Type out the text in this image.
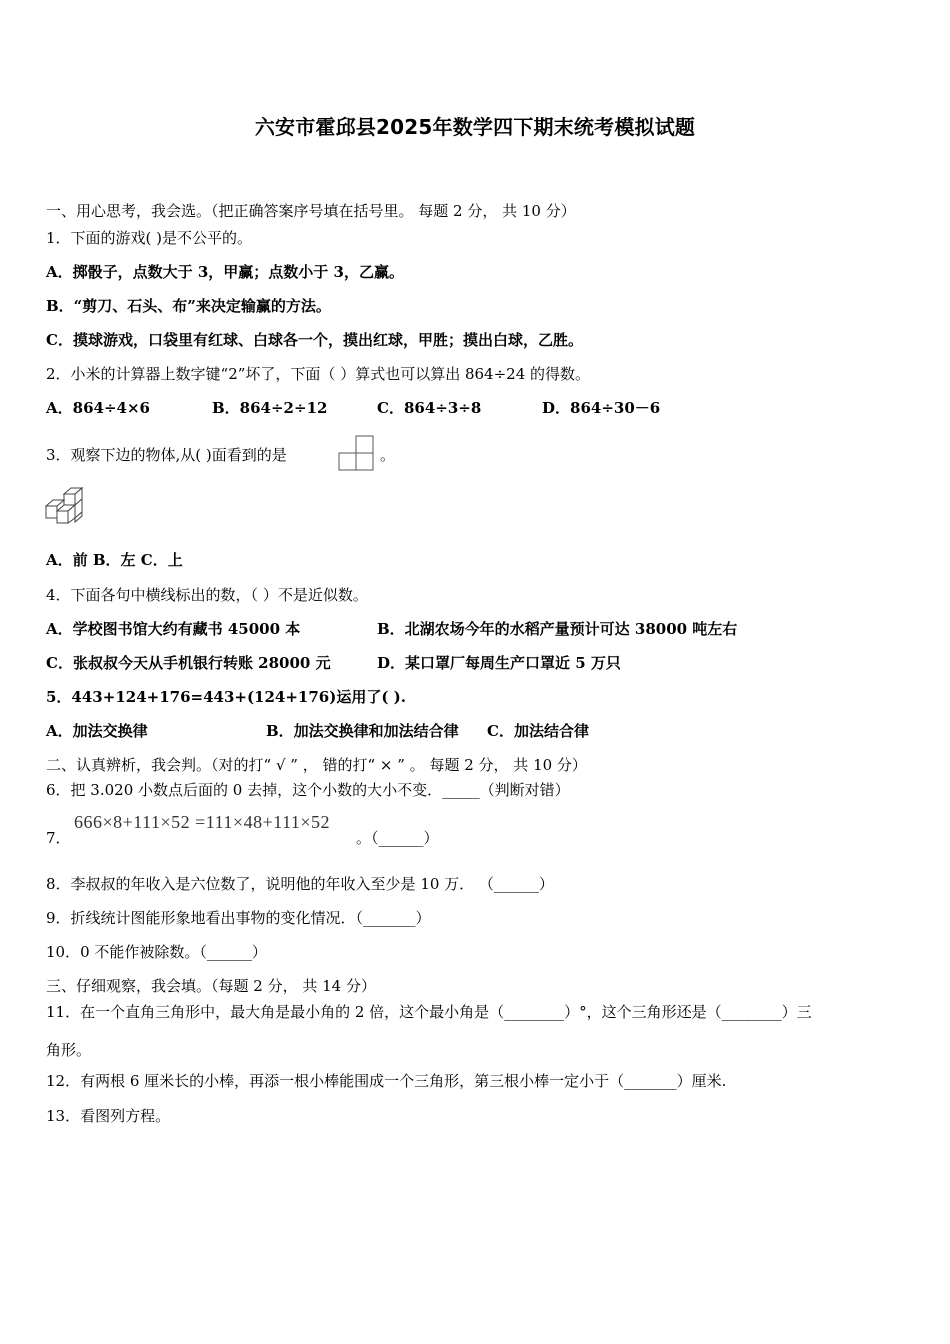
六安市霍邱县2025年数学四下期末统考模拟试题
一、用心思考，我会选。（把正确答案序号填在括号里。 每题 2 分， 共 10 分）
1．下面的游戏( )是不公平的。
A．掷骰子，点数大于 3，甲赢；点数小于 3，乙赢。
B．“剪刀、石头、布”来决定输赢的方法。
C．摸球游戏，口袋里有红球、白球各一个，摸出红球，甲胜；摸出白球，乙胜。
2．小米的计算器上数字键“2”坏了，下面（ ）算式也可以算出 864÷24 的得数。
A．864÷4×6	B．864÷2÷12	C．864÷3÷8	D．864÷30－6
3．观察下边的物体,从( )面看到的是	。
A．前 B．左 C．上
4．下面各句中横线标出的数，（ ）不是近似数。
A．学校图书馆大约有藏书 45000 本	B．北湖农场今年的水稻产量预计可达 38000 吨左右
C．张叔叔今天从手机银行转账 28000 元	D．某口罩厂每周生产口罩近 5 万只
5．443+124+176=443+(124+176)运用了( ).
A．加法交换律	B．加法交换律和加法结合律 C．加法结合律
二、认真辨析，我会判。（对的打“ √ ” ， 错的打“ × ” 。 每题 2 分， 共 10 分）
6．把 3.020 小数点后面的 0 去掉，这个小数的大小不变．_____（判断对错）
7．
666×8+111×52 =111×48+111×52
。（______）
8．李叔叔的年收入是六位数了，说明他的年收入至少是 10 万． （______）
9．折线统计图能形象地看出事物的变化情况．（_______）
10．0 不能作被除数。（______）
三、仔细观察，我会填。（每题 2 分， 共 14 分）
11．在一个直角三角形中，最大角是最小角的 2 倍，这个最小角是（________）°，这个三角形还是（________）三
角形。
12．有两根 6 厘米长的小棒，再添一根小棒能围成一个三角形，第三根小棒一定小于（_______）厘米.
13．看图列方程。
